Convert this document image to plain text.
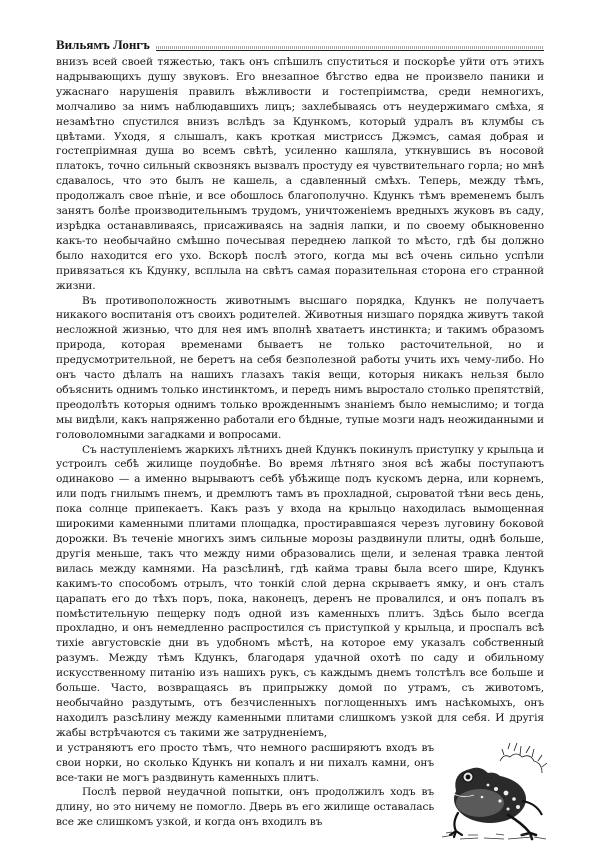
Вильямъ Лонгъ

внизъ всей своей тяжестью, такъ онъ спѣшилъ спуститься и поскорѣе уйти отъ этихъ надрывающихъ душу звуковъ. Его внезапное бѣгство едва не произвело паники и ужаснаго нарушенія правилъ вѣжливости и гостепріимства, среди немногихъ, молчаливо за нимъ наблюдавшихъ лицъ; захлебываясь отъ неудержимаго смѣха, я незамѣтно спустился внизъ вслѣдъ за Кдункомъ, который удралъ въ клумбы съ цвѣтами. Уходя, я слышалъ, какъ кроткая мистриссъ Джэмсъ, самая добрая и гостепріимная душа во всемъ свѣтѣ, усиленно кашляла, уткнувшись въ носовой платокъ, точно сильный сквознякъ вызвалъ простуду ея чувствительнаго горла; но мнѣ сдавалось, что это былъ не кашель, а сдавленный смѣхъ. Теперь, между тѣмъ, продолжалъ свое пѣніе, и все обошлось благополучно. Кдункъ тѣмъ временемъ былъ занятъ болѣе производительнымъ трудомъ, уничтоженіемъ вредныхъ жуковъ въ саду, изрѣдка останавливаясь, присаживаясь на заднія лапки, и по своему обыкновенно какъ-то необычайно смѣшно почесывая переднею лапкой то мѣсто, гдѣ бы должно было находится его ухо. Вскорѣ послѣ этого, когда мы всѣ очень сильно успѣли привязаться къ Кдунку, всплыла на свѣтъ самая поразительная сторона его странной жизни.

Въ противоположность животнымъ высшаго порядка, Кдункъ не получаетъ никакого воспитанія отъ своихъ родителей. Животныя низшаго порядка живутъ такой несложной жизнью, что для нея имъ вполнѣ хватаетъ инстинкта; и такимъ образомъ природа, которая временами бываетъ не только расточительной, но и предусмотрительной, не беретъ на себя безполезной работы учить ихъ чему-либо. Но онъ часто дѣлалъ на нашихъ глазахъ такія вещи, которыя никакъ нельзя было объяснить однимъ только инстинктомъ, и передъ нимъ выростало столько препятствій, преодолѣть которыя однимъ только врожденнымъ знаніемъ было немыслимо; и тогда мы видѣли, какъ напряженно работали его бѣдные, тупые мозги надъ неожиданными и головоломными загадками и вопросами.

Съ наступленіемъ жаркихъ лѣтнихъ дней Кдункъ покинулъ приступку у крыльца и устроилъ себѣ жилище поудобнѣе. Во время лѣтняго зноя всѣ жабы поступаютъ одинаково — а именно вырываютъ себѣ убѣжище подъ кускомъ дерна, или корнемъ, или подъ гнилымъ пнемъ, и дремлютъ тамъ въ прохладной, сыроватой тѣни весь день, пока солнце припекаетъ. Какъ разъ у входа на крыльцо находилась вымощенная широкими каменными плитами площадка, простиравшаяся черезъ луговину боковой дорожки. Въ теченіе многихъ зимъ сильные морозы раздвинули плиты, однѣ больше, другія меньше, такъ что между ними образовались щели, и зеленая травка лентой вилась между камнями. На разсѣлинѣ, гдѣ кайма травы была всего шире, Кдункъ какимъ-то способомъ отрылъ, что тонкій слой дерна скрываетъ ямку, и онъ сталъ царапать его до тѣхъ поръ, пока, наконецъ, деренъ не провалился, и онъ попалъ въ помѣстительную пещерку подъ одной изъ каменныхъ плитъ. Здѣсь было всегда прохладно, и онъ немедленно распростился съ приступкой у крыльца, и проспалъ всѣ тихіе августовскіе дни въ удобномъ мѣстѣ, на которое ему указалъ собственный разумъ. Между тѣмъ Кдункъ, благодаря удачной охотѣ по саду и обильному искусственному питанію изъ нашихъ рукъ, съ каждымъ днемъ толстѣлъ все больше и больше. Часто, возвращаясь въ припрыжку домой по утрамъ, съ животомъ, необычайно раздутымъ, отъ безчисленныхъ поглощенныхъ имъ насѣкомыхъ, онъ находилъ разсѣлину между каменными плитами слишкомъ узкой для себя. И другія жабы встрѣчаются съ такими же затрудненіемъ,

и устраняютъ его просто тѣмъ, что немного расширяютъ входъ въ свои норки, но сколько Кдункъ ни копалъ и ни пихалъ камни, онъ все-таки не могъ раздвинуть каменныхъ плитъ.

Послѣ первой неудачной попытки, онъ продолжилъ ходъ въ длину, но это ничему не помогло. Дверь въ его жилище оставалась все же слишкомъ узкой, и когда онъ входилъ въ
